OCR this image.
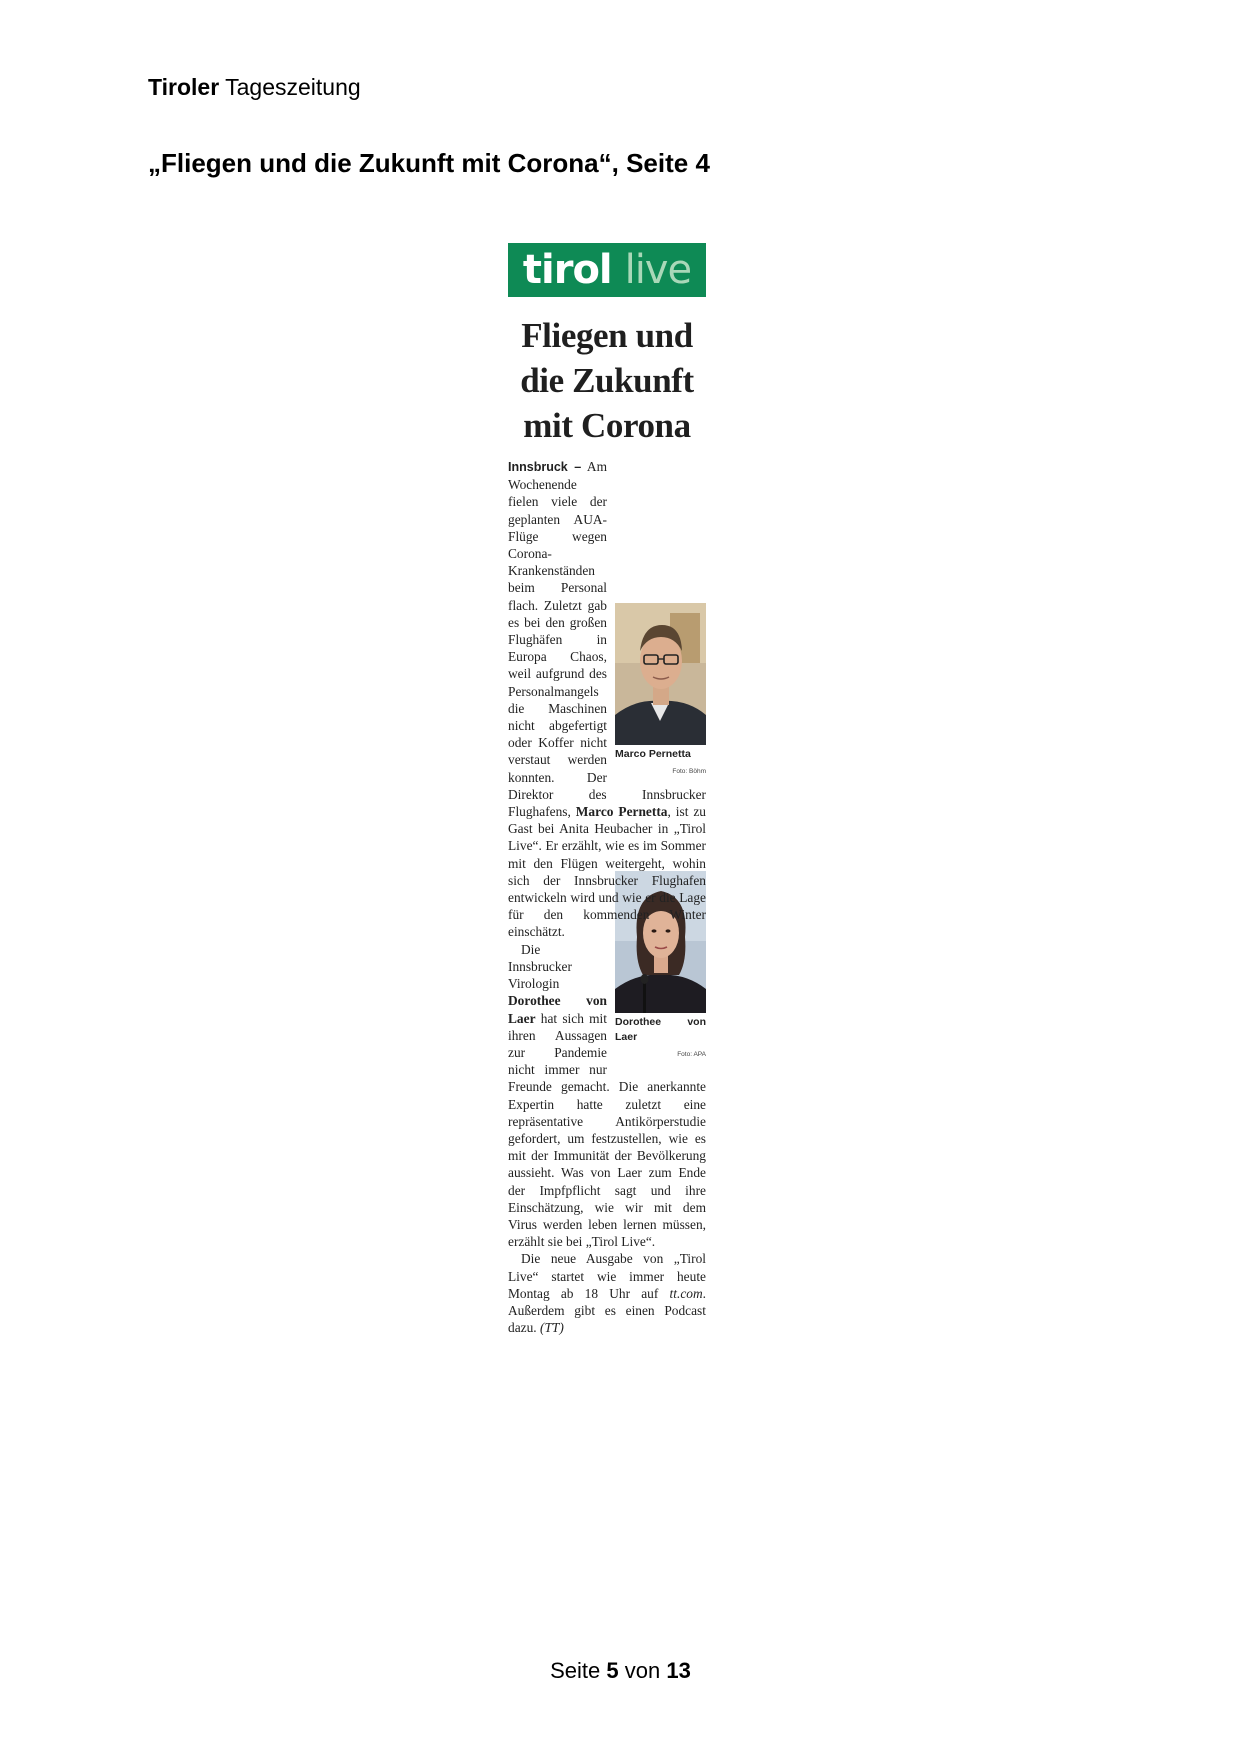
Tiroler Tageszeitung
„Fliegen und die Zukunft mit Corona“, Seite 4
tirol live
Fliegen und die Zukunft mit Corona
Marco Pernetta
Foto: Böhm
Innsbruck – Am Wochenende fielen viele der geplanten AUA-Flüge wegen Corona-Krankenständen beim Personal flach. Zuletzt gab es bei den großen Flughäfen in Europa Chaos, weil aufgrund des Personalmangels die Maschinen nicht abgefertigt oder Koffer nicht verstaut werden konnten. Der Direktor des Innsbrucker Flughafens, Marco Pernetta, ist zu Gast bei Anita Heubacher in „Tirol Live“. Er erzählt, wie es im Sommer mit den Flügen weitergeht, wohin sich der Innsbrucker Flughafen entwickeln wird und wie er die Lage für den kommenden Winter einschätzt.
Dorothee von Laer
Foto: APA
Die Innsbrucker Virologin Dorothee von Laer hat sich mit ihren Aussagen zur Pandemie nicht immer nur Freunde gemacht. Die anerkannte Expertin hatte zuletzt eine repräsentative Antikörperstudie gefordert, um festzustellen, wie es mit der Immunität der Bevölkerung aussieht. Was von Laer zum Ende der Impfpflicht sagt und ihre Einschätzung, wie wir mit dem Virus werden leben lernen müssen, erzählt sie bei „Tirol Live“.
Die neue Ausgabe von „Tirol Live“ startet wie immer heute Montag ab 18 Uhr auf tt.com. Außerdem gibt es einen Podcast dazu. (TT)
Seite 5 von 13
